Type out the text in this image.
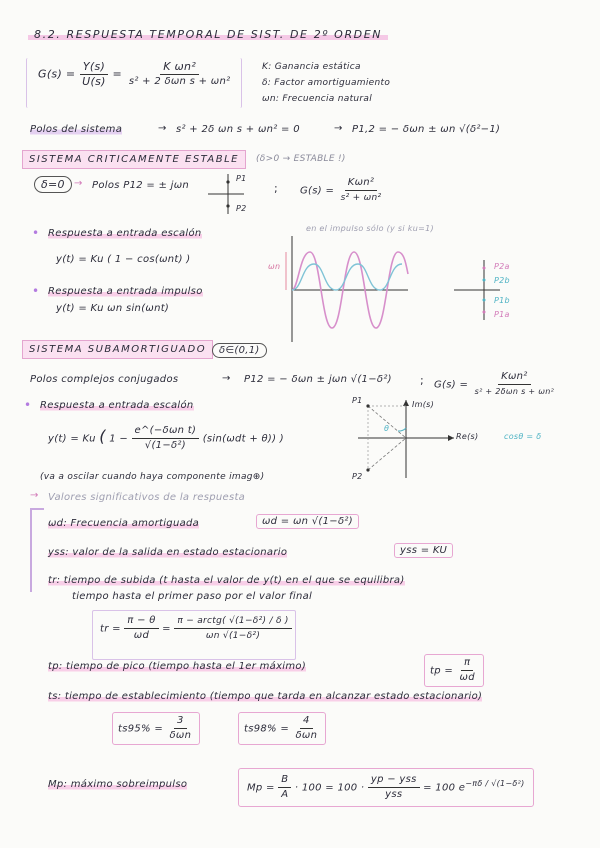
8.2. RESPUESTA TEMPORAL DE SIST. DE 2º ORDEN
$G(s) = \frac{Y(s)}{U(s)} = \frac{\text{K ωn²}}{\text{s² + 2 δωn s + ωn²}}$	K: Ganancia estática
δ: Factor amortiguamiento
ωn: Frecuencia natural
Polos del sistema	→ s² + 2δ ωn s + ωn² = 0	→ P1,2 = − δωn ± ωn √(δ²−1)
SISTEMA CRITICAMENTE ESTABLE	(δ>0 → ESTABLE !)
δ=0 → Polos P12 = ± jωn
P1
P2
; $G(s) = \frac{\text{Kωn²}}{\text{s² + ωn²}}$
• Respuesta a entrada escalón
y(t) = Ku ( 1 − cos(ωnt) )
• Respuesta a entrada impulso
y(t) = Ku ωn sin(ωnt)
en el impulso sólo (y si ku=1)
ωn	P2a
P2b
P1b
P1a
SISTEMA SUBAMORTIGUADO	δ∈(0,1)
Polos complejos conjugados	→ P12 = − δωn ± jωn √(1−δ²)	; $G(s) = \frac{\text{Kωn²}}{\text{s² + 2δωn s + ωn²}}$
• Respuesta a entrada escalón
y(t) = Ku ( $1 - \frac{\text{e\textasciicircum{}(−δωn t)}}{\text{√(1−δ²)}} (\sin(\omega dt + \theta))$ )
Im(s)
Re(s)
θ
cosθ = δ
P1
P2
(va a oscilar cuando haya componente imag⊕)
→ Valores significativos de la respuesta
ωd: Frecuencia amortiguada	ωd = ωn √(1−δ²)
yss: valor de la salida en estado estacionario	yss = KU
tr: tiempo de subida (t hasta el valor de y(t) en el que se equilibra)
tiempo hasta el primer paso por el valor final
tr = $\frac{\pi - \theta}{\omega d} = \frac{\text{π − arctg( √(1−δ²) / δ )}}{\text{ωn √(1−δ²)}}$
tp: tiempo de pico (tiempo hasta el 1er máximo)	tp = $\frac{\pi}{\omega d}$
ts: tiempo de establecimiento (tiempo que tarda en alcanzar estado estacionario)
$ts95\% = \frac{3}{\text{δωn}}$	$ts98\% = \frac{4}{\text{δωn}}$
Mp: máximo sobreimpulso	$Mp = \frac{B}{A} \cdot 100 = 100 \cdot \frac{\text{yp − yss}}{\text{yss}} = 100$ $e^{-\pi\delta / √(1-\delta^2)}$
